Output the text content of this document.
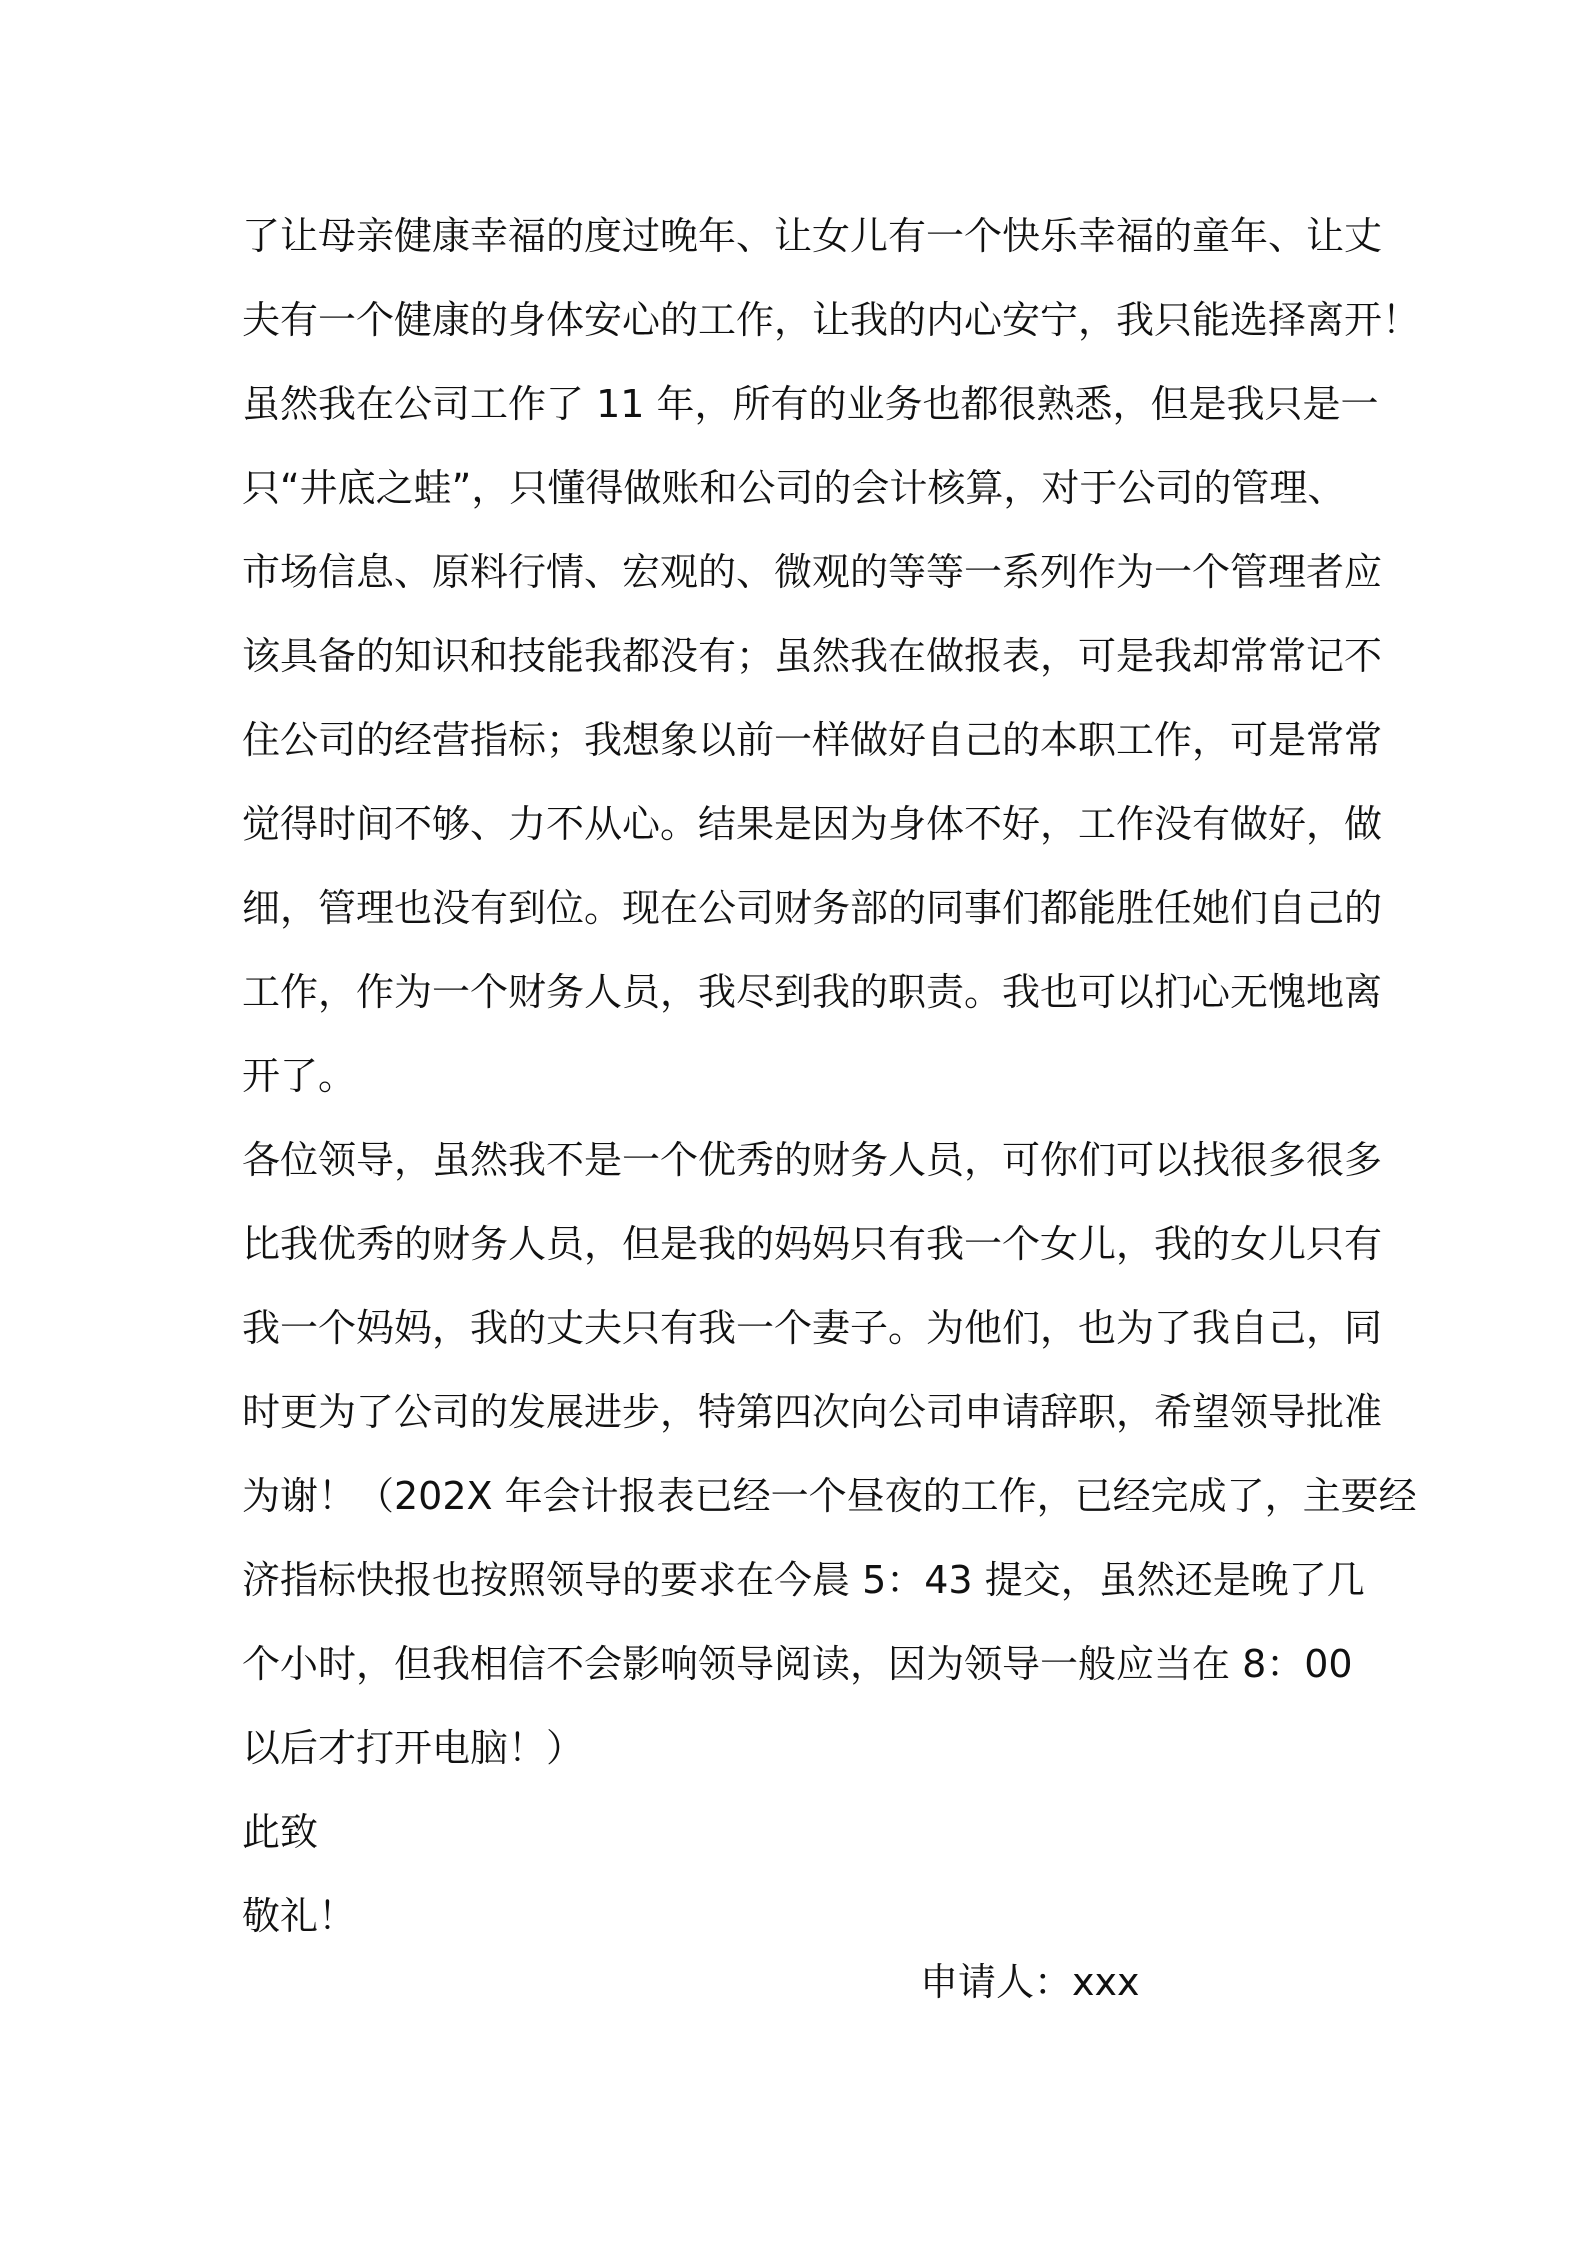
了让母亲健康幸福的度过晚年、让女儿有一个快乐幸福的童年、让丈
夫有一个健康的身体安心的工作，让我的内心安宁，我只能选择离开！
虽然我在公司工作了 11 年，所有的业务也都很熟悉，但是我只是一
只“井底之蛙”，只懂得做账和公司的会计核算，对于公司的管理、
市场信息、原料行情、宏观的、微观的等等一系列作为一个管理者应
该具备的知识和技能我都没有；虽然我在做报表，可是我却常常记不
住公司的经营指标；我想象以前一样做好自己的本职工作，可是常常
觉得时间不够、力不从心。结果是因为身体不好，工作没有做好，做
细，管理也没有到位。现在公司财务部的同事们都能胜任她们自己的
工作，作为一个财务人员，我尽到我的职责。我也可以扪心无愧地离
开了。
各位领导，虽然我不是一个优秀的财务人员，可你们可以找很多很多
比我优秀的财务人员，但是我的妈妈只有我一个女儿，我的女儿只有
我一个妈妈，我的丈夫只有我一个妻子。为他们，也为了我自己，同
时更为了公司的发展进步，特第四次向公司申请辞职，希望领导批准
为谢！（202X 年会计报表已经一个昼夜的工作，已经完成了，主要经
济指标快报也按照领导的要求在今晨 5：43 提交，虽然还是晚了几
个小时，但我相信不会影响领导阅读，因为领导一般应当在 8：00
以后才打开电脑！）
此致
敬礼！
申请人：xxx
